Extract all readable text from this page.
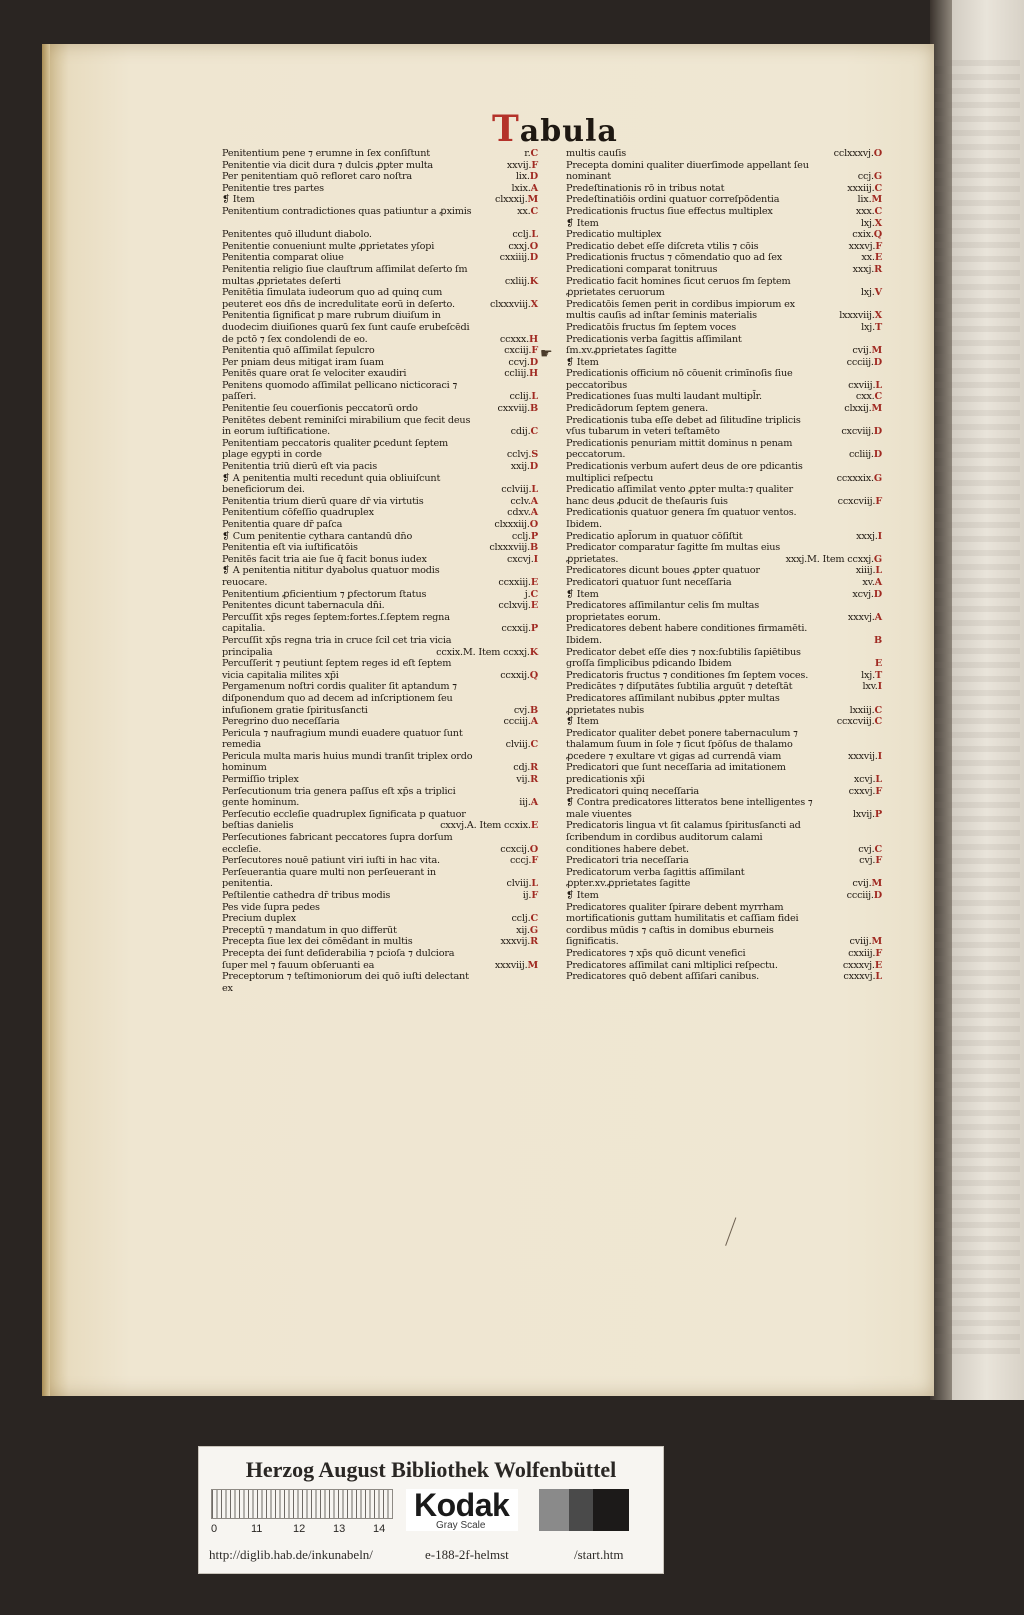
Tabula
Penitentium pene ⁊ erumne in ſex conſiſtunt	r.C
Penitentie via dicit dura ⁊ dulcis ꝓpter multa	xxvij.F
Per penitentiam quō refloret caro noſtra	lix.D
Penitentie tres partes	lxix.A
❡ Item	clxxxij.M
Penitentium contradictiones quas patiuntur a ꝓximis	xx.C
Penitentes quō illudunt diabolo.	cclj.L
Penitentie conueniunt multe ꝓprietates yſopi	cxxj.O
Penitentia comparat oliue	cxxiiij.D
Penitentia religio ſiue clauſtrum aſſimilat deſerto ſm multas ꝓprietates deſerti	cxliij.K
Penitētia ſimulata iudeorum quo ad quinq cum peuteret eos dn̄s de incredulitate eorū in deſerto.	clxxxviij.X
Penitentia ſignificat p mare rubrum diuiſum in duodecim diuiſiones quarū ſex ſunt cauſe erubeſcēdi de pctō ⁊ ſex condolendi de eo.	ccxxx.H
Penitentia quō aſſimilat ſepulcro	cxciij.F
Per pniam deus mitigat iram ſuam	ccvj.D
Penitēs quare orat ſe velociter exaudiri	ccliij.H
Penitens quomodo aſſimilat pellicano nicticoraci ⁊ paſſeri.	cclij.L
Penitentie ſeu couerſionis peccatorū ordo	cxxviij.B
Penitētes debent reminiſci mirabilium que fecit deus in eorum iuſtificatione.	cdij.C
Penitentiam peccatoris qualiter ꝑcedunt ſeptem plage egypti in corde	cclvj.S
Penitentia triū dierū eſt via pacis	xxij.D
❡ A penitentia multi recedunt quia obliuiſcunt beneficiorum dei.	cclviij.L
Penitentia trium dierū quare dr̄ via virtutis	cclv.A
Penitentium cōfeſſio quadruplex	cdxv.A
Penitentia quare dr̄ paſca	clxxxiij.O
❡ Cum penitentie cythara cantandū dn̄o	cclj.P
Penitentia eſt via iuſtificatōis	clxxxviij.B
Penitēs facit tria aie ſue q̄ facit bonus iudex	cxcvj.I
❡ A penitentia nititur dyabolus quatuor modis reuocare.	ccxxiij.E
Penitentium ꝓficientium ⁊ ꝑfectorum ſtatus	j.C
Penitentes dicunt tabernacula dn̄i.	cclxvij.E
Percuſſit xp̄s reges ſeptem:fortes.ſ.ſeptem regna capitalia.	ccxxij.P
Percuſſit xp̄s regna tria in cruce ſcil cet tria vicia principalia	ccxix.M. Item ccxxj.K
Percuſſerit ⁊ peutiunt ſeptem reges id eſt ſeptem vicia capitalia milites xp̄i	ccxxij.Q
Pergamenum noſtri cordis qualiter ſit aptandum ⁊ diſponendum quo ad decem ad inſcriptionem ſeu infuſionem gratie ſpiritusſancti	cvj.B
Peregrino duo neceſſaria	ccciij.A
Pericula ⁊ naufragium mundi euadere quatuor ſunt remedia	clviij.C
Pericula multa maris huius mundi tranſit triplex ordo hominum	cdj.R
Permiſſio triplex	vij.R
Perſecutionum tria genera paſſus eſt xp̄s a triplici gente hominum.	iij.A
Perſecutio eccleſie quadruplex ſignificata p quatuor beſtias danielis	cxxvj.A. Item ccxix.E
Perſecutiones fabricant peccatores ſupra dorſum eccleſie.	ccxcij.O
Perſecutores nouē patiunt viri iuſti in hac vita.	cccj.F
Perſeuerantia quare multi non perſeuerant in penitentia.	clviij.L
Peſtilentie cathedra dr̄ tribus modis	ij.F
Pes vide ſupra pedes
Precium duplex	cclj.C
Preceptū ⁊ mandatum in quo differūt	xij.G
Precepta ſiue lex dei cōmēdant in multis	xxxvij.R
Precepta dei ſunt deſiderabilia ⁊ pcioſa ⁊ dulciora ſuper mel ⁊ fauum obſeruanti ea	xxxviij.M
Preceptorum ⁊ teſtimoniorum dei quō iuſti delectant ex
multis cauſis	cclxxxvj.O
Precepta domini qualiter diuerſimode appellant ſeu nominant	ccj.G
Predeſtinationis rō in tribus notat	xxxiij.C
Predeſtinatiōis ordini quatuor correſpōdentia	lix.M
Predicationis fructus ſiue effectus multiplex	xxx.C
❡ Item	lxj.X
Predicatio multiplex	cxix.Q
Predicatio debet eſſe diſcreta vtilis ⁊ cōis	xxxvj.F
Predicationis fructus ⁊ cōmendatio quo ad ſex	xx.E
Predicationi comparat tonitruus	xxxj.R
Predicatio facit homines ſicut ceruos ſm ſeptem ꝓprietates ceruorum	lxj.V
Predicatōis ſemen perit in cordibus impiorum ex multis cauſis ad inſtar ſeminis materialis	lxxxviij.X
Predicatōis fructus ſm ſeptem voces	lxj.T
Predicationis verba ſagittis aſſimilant ſm.xv.ꝓprietates ſagitte	cvij.M
❡ Item	ccciij.D
Predicationis officium nō cōuenit crimīnoſis ſiue peccatoribus	cxviij.L
Predicationes ſuas multi laudant multipl̄r.	cxx.C
Predicādorum ſeptem genera.	clxxij.M
Predicationis tuba eſſe debet ad ſilitudīne triplicis vſus tubarum in veteri teſtamēto	cxcviij.D
Predicationis penuriam mittit dominus n penam peccatorum.	ccliij.D
Predicationis verbum aufert deus de ore pdicantis multiplici reſpectu	ccxxxix.G
Predicatio aſſimilat vento ꝓpter multa:⁊ qualiter hanc deus ꝓducit de theſauris ſuis	ccxcviij.F
Predicationis quatuor genera ſm quatuor ventos. Ibidem.
Predicatio apl̄orum in quatuor cōſiſtit	xxxj.I
Predicator comparatur ſagitte ſm multas eius ꝓprietates.	xxxj.M. Item ccxxj.G
Predicatores dicunt boues ꝓpter quatuor	xiiij.L
Predicatori quatuor ſunt neceſſaria	xv.A
❡ Item	xcvj.D
Predicatores aſſimilantur celis ſm multas proprietates eorum.	xxxvj.A
Predicatores debent habere conditiones firmamēti. Ibidem.	B
Predicator debet eſſe dies ⁊ nox:ſubtilis ſapiētibus groſſa ſimplicibus pdicando Ibidem	E
Predicatoris fructus ⁊ conditiones ſm ſeptem voces.	lxj.T
Predicātes ⁊ diſputātes ſubtilia arguūt ⁊ deteſtāt	lxv.I
Predicatores aſſimilant nubibus ꝓpter multas ꝓprietates nubis	lxxiij.C
❡ Item	ccxcviij.C
Predicator qualiter debet ponere tabernaculum ⁊ thalamum ſuum in ſole ⁊ ſicut ſpōſus de thalamo ꝓcedere ⁊ exultare vt gigas ad currendā viam	xxxvij.I
Predicatori que ſunt neceſſaria ad imitationem predicationis xp̄i	xcvj.L
Predicatori quinq neceſſaria	cxxvj.F
❡ Contra predicatores litteratos bene intelligentes ⁊ male viuentes	lxvij.P
Predicatoris lingua vt ſit calamus ſpiritusſancti ad ſcribendum in cordibus auditorum calami conditiones habere debet.	cvj.C
Predicatori tria neceſſaria	cvj.F
Predicatorum verba ſagittis aſſimilant ꝓpter.xv.ꝓprietates ſagitte	cvij.M
❡ Item	ccciij.D
Predicatores qualiter ſpirare debent myrrham mortificationis guttam humilitatis et caſſiam fidei cordibus mūdis ⁊ caſtis in domibus eburneis ſignificatis.	cviij.M
Predicatores ⁊ xp̄s quō dicunt venefici	cxxiij.F
Predicatores aſſimilat cani mltiplici reſpectu.	cxxxvj.E
Predicatores quō debent aſſiſari canibus.	cxxxvj.L
☛
Herzog August Bibliothek Wolfenbüttel
0	11	12	13	14
Kodak
Gray Scale
http://diglib.hab.de/inkunabeln/	e-188-2f-helmst	/start.htm
